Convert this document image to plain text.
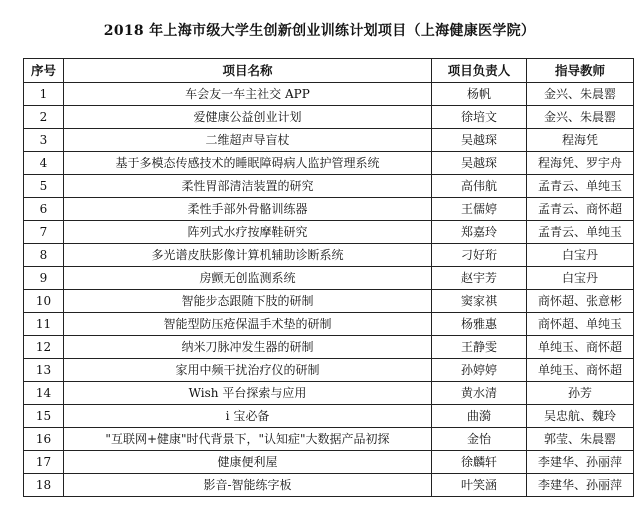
2018 年上海市级大学生创新创业训练计划项目（上海健康医学院）
序号	项目名称	项目负责人	指导教师
1	车会友一车主社交 APP	杨帆	金兴、朱晨罂
2	爱健康公益创业计划	徐培文	金兴、朱晨罂
3	二维超声导盲杖	吴越琛	程海凭
4	基于多模态传感技术的睡眠障碍病人监护管理系统	吴越琛	程海凭、罗宇舟
5	柔性胃部清洁装置的研究	高伟航	孟青云、单纯玉
6	柔性手部外骨骼训练器	王儒婷	孟青云、商怀超
7	阵列式水疗按摩鞋研究	郑嘉玲	孟青云、单纯玉
8	多光谱皮肤影像计算机辅助诊断系统	刁好珩	白宝丹
9	房颤无创监测系统	赵宇芳	白宝丹
10	智能步态跟随下肢的研制	窦家祺	商怀超、张意彬
11	智能型防压疮保温手术垫的研制	杨雅惠	商怀超、单纯玉
12	纳米刀脉冲发生器的研制	王静雯	单纯玉、商怀超
13	家用中频干扰治疗仪的研制	孙婷婷	单纯玉、商怀超
14	Wish 平台探索与应用	黄水清	孙芳
15	i 宝必备	曲漪	吴忠航、魏玲
16	"互联网+健康"时代背景下，"认知症"大数据产品初探	金怡	郭莹、朱晨罂
17	健康便利屋	徐麟轩	李建华、孙丽萍
18	影音-智能练字板	叶笑涵	李建华、孙丽萍
